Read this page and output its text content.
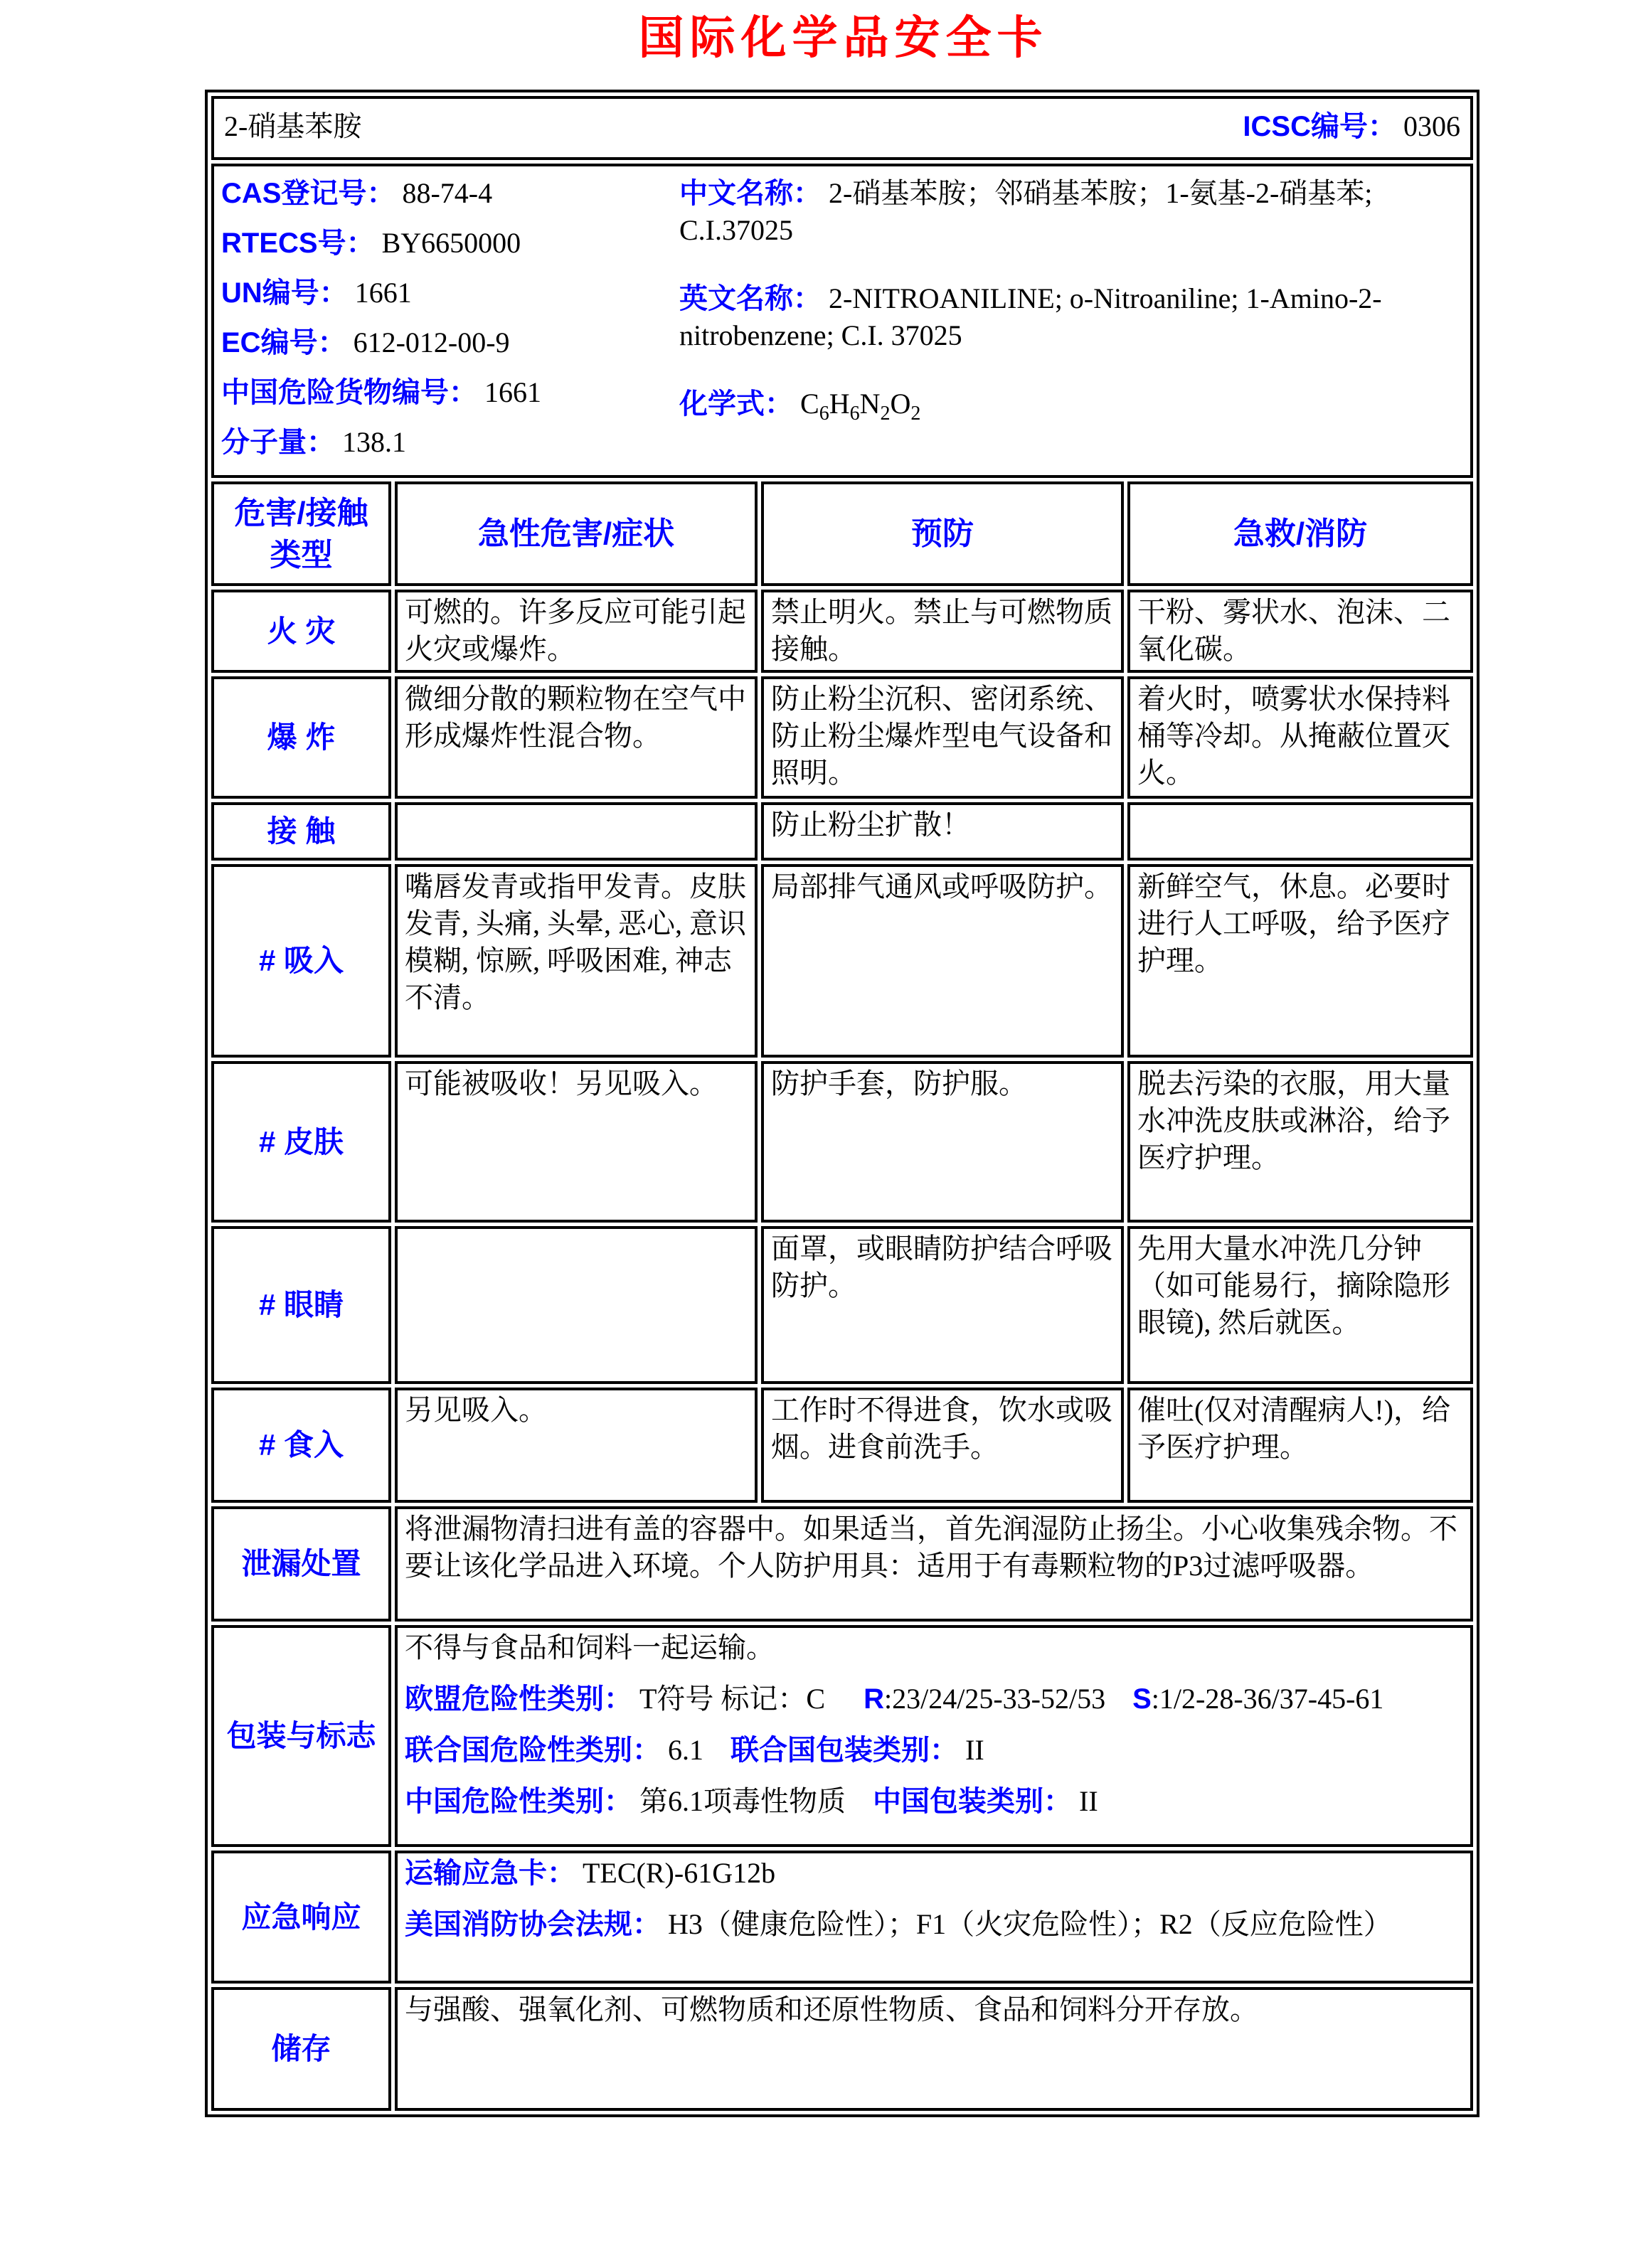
国际化学品安全卡
2-硝基苯胺 ICSC编号： 0306			

CAS登记号： 88-74-4
RTECS号： BY6650000
UN编号： 1661
EC编号： 612-012-00-9
中国危险货物编号： 1661
分子量： 138.1

中文名称： 2-硝基苯胺；邻硝基苯胺；1-氨基-2-硝基苯; C.I.37025

英文名称： 2-NITROANILINE; o-Nitroaniline; 1-Amino-2-nitrobenzene; C.I. 37025

化学式： $C_6H_6N_2O_2$

危害/接触类型	急性危害/症状	预防	急救/消防
火 灾	可燃的。许多反应可能引起火灾或爆炸。	禁止明火。禁止与可燃物质接触。	干粉、雾状水、泡沫、二氧化碳。
爆 炸	微细分散的颗粒物在空气中形成爆炸性混合物。	防止粉尘沉积、密闭系统、防止粉尘爆炸型电气设备和照明。	着火时，喷雾状水保持料桶等冷却。从掩蔽位置灭火。
接 触		防止粉尘扩散！	
# 吸入	嘴唇发青或指甲发青。皮肤发青, 头痛, 头晕, 恶心, 意识模糊, 惊厥, 呼吸困难, 神志不清。	局部排气通风或呼吸防护。	新鲜空气，休息。必要时进行人工呼吸，给予医疗护理。
# 皮肤	可能被吸收！另见吸入。	防护手套，防护服。	脱去污染的衣服，用大量水冲洗皮肤或淋浴，给予医疗护理。
# 眼睛		面罩，或眼睛防护结合呼吸防护。	先用大量水冲洗几分钟（如可能易行，摘除隐形眼镜), 然后就医。
# 食入	另见吸入。	工作时不得进食，饮水或吸烟。进食前洗手。	催吐(仅对清醒病人!)，给予医疗护理。
泄漏处置	将泄漏物清扫进有盖的容器中。如果适当，首先润湿防止扬尘。小心收集残余物。不要让该化学品进入环境。个人防护用具：适用于有毒颗粒物的P3过滤呼吸器。		
包装与标志	不得与食品和饲料一起运输。

欧盟危险性类别： T符号 标记：C R:23/24/25-33-52/53 S:1/2-28-36/37-45-61

联合国危险性类别： 6.1 联合国包装类别： II

中国危险性类别： 第6.1项毒性物质 中国包装类别： II		

应急响应	运输应急卡： TEC(R)-61G12b

美国消防协会法规： H3（健康危险性）；F1（火灾危险性）；R2（反应危险性）		

储存	与强酸、强氧化剂、可燃物质和还原性物质、食品和饲料分开存放。		
